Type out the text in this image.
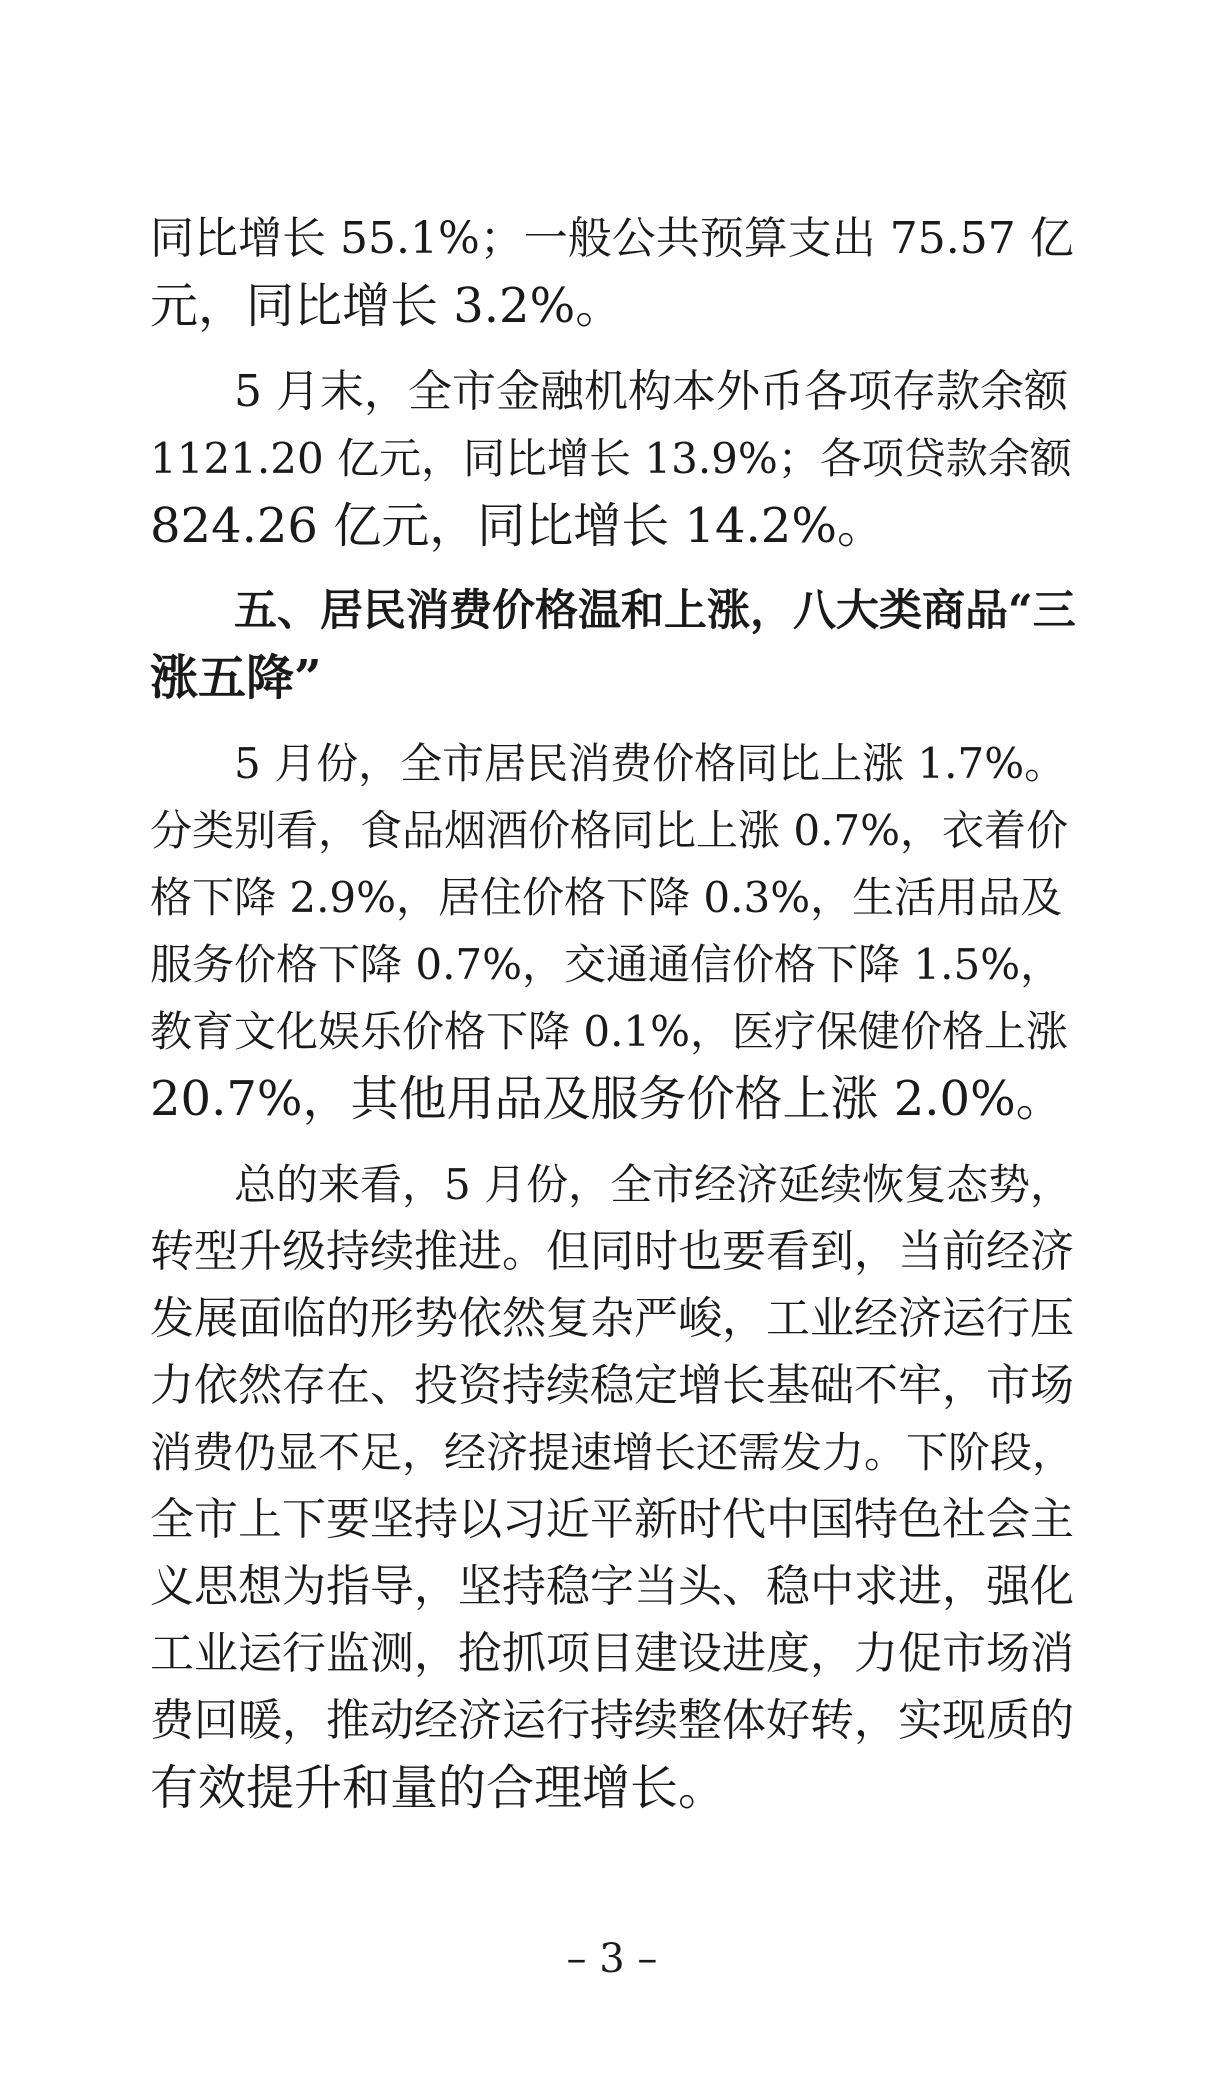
同比增长 55.1%；一般公共预算支出 75.57 亿
元，同比增长 3.2%。
5 月末，全市金融机构本外币各项存款余额
1121.20 亿元，同比增长 13.9%；各项贷款余额
824.26 亿元，同比增长 14.2%。
五、居民消费价格温和上涨，八大类商品“三
涨五降”
5 月份，全市居民消费价格同比上涨 1.7%。
分类别看，食品烟酒价格同比上涨 0.7%，衣着价
格下降 2.9%，居住价格下降 0.3%，生活用品及
服务价格下降 0.7%，交通通信价格下降 1.5%，
教育文化娱乐价格下降 0.1%，医疗保健价格上涨
20.7%，其他用品及服务价格上涨 2.0%。
总的来看，5 月份，全市经济延续恢复态势，
转型升级持续推进。但同时也要看到，当前经济
发展面临的形势依然复杂严峻，工业经济运行压
力依然存在、投资持续稳定增长基础不牢，市场
消费仍显不足，经济提速增长还需发力。下阶段，
全市上下要坚持以习近平新时代中国特色社会主
义思想为指导，坚持稳字当头、稳中求进，强化
工业运行监测，抢抓项目建设进度，力促市场消
费回暖，推动经济运行持续整体好转，实现质的
有效提升和量的合理增长。
– 3 –
